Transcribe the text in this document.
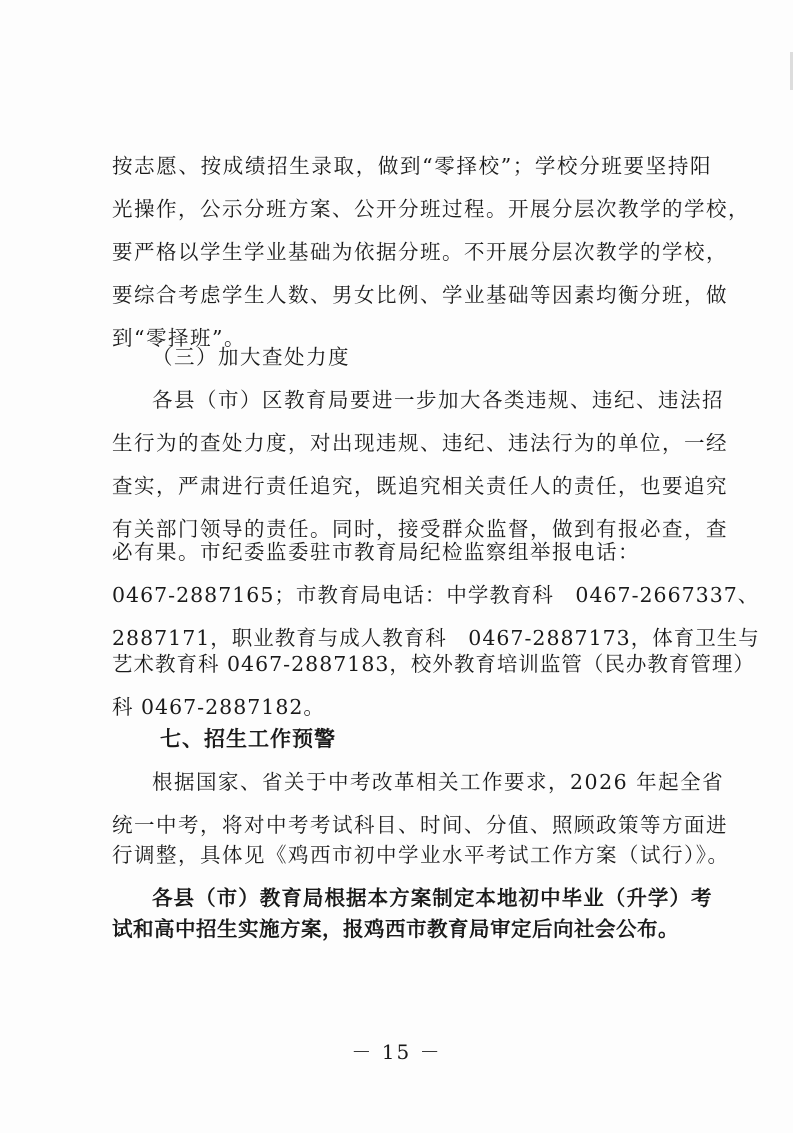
按志愿、按成绩招生录取，做到“零择校”；学校分班要坚持阳
光操作，公示分班方案、公开分班过程。开展分层次教学的学校，
要严格以学生学业基础为依据分班。不开展分层次教学的学校，
要综合考虑学生人数、男女比例、学业基础等因素均衡分班，做
到“零择班”。
（三）加大查处力度
各县（市）区教育局要进一步加大各类违规、违纪、违法招
生行为的查处力度，对出现违规、违纪、违法行为的单位，一经
查实，严肃进行责任追究，既追究相关责任人的责任，也要追究
有关部门领导的责任。同时，接受群众监督，做到有报必查，查
必有果。市纪委监委驻市教育局纪检监察组举报电话：
0467-2887165；市教育局电话：中学教育科　0467-2667337、
2887171，职业教育与成人教育科　0467-2887173，体育卫生与
艺术教育科 0467-2887183，校外教育培训监管（民办教育管理）
科 0467-2887182。
七、招生工作预警
根据国家、省关于中考改革相关工作要求，2026 年起全省
统一中考，将对中考考试科目、时间、分值、照顾政策等方面进
行调整，具体见《鸡西市初中学业水平考试工作方案（试行）》。
各县（市）教育局根据本方案制定本地初中毕业（升学）考
试和高中招生实施方案，报鸡西市教育局审定后向社会公布。
－ 15 －
